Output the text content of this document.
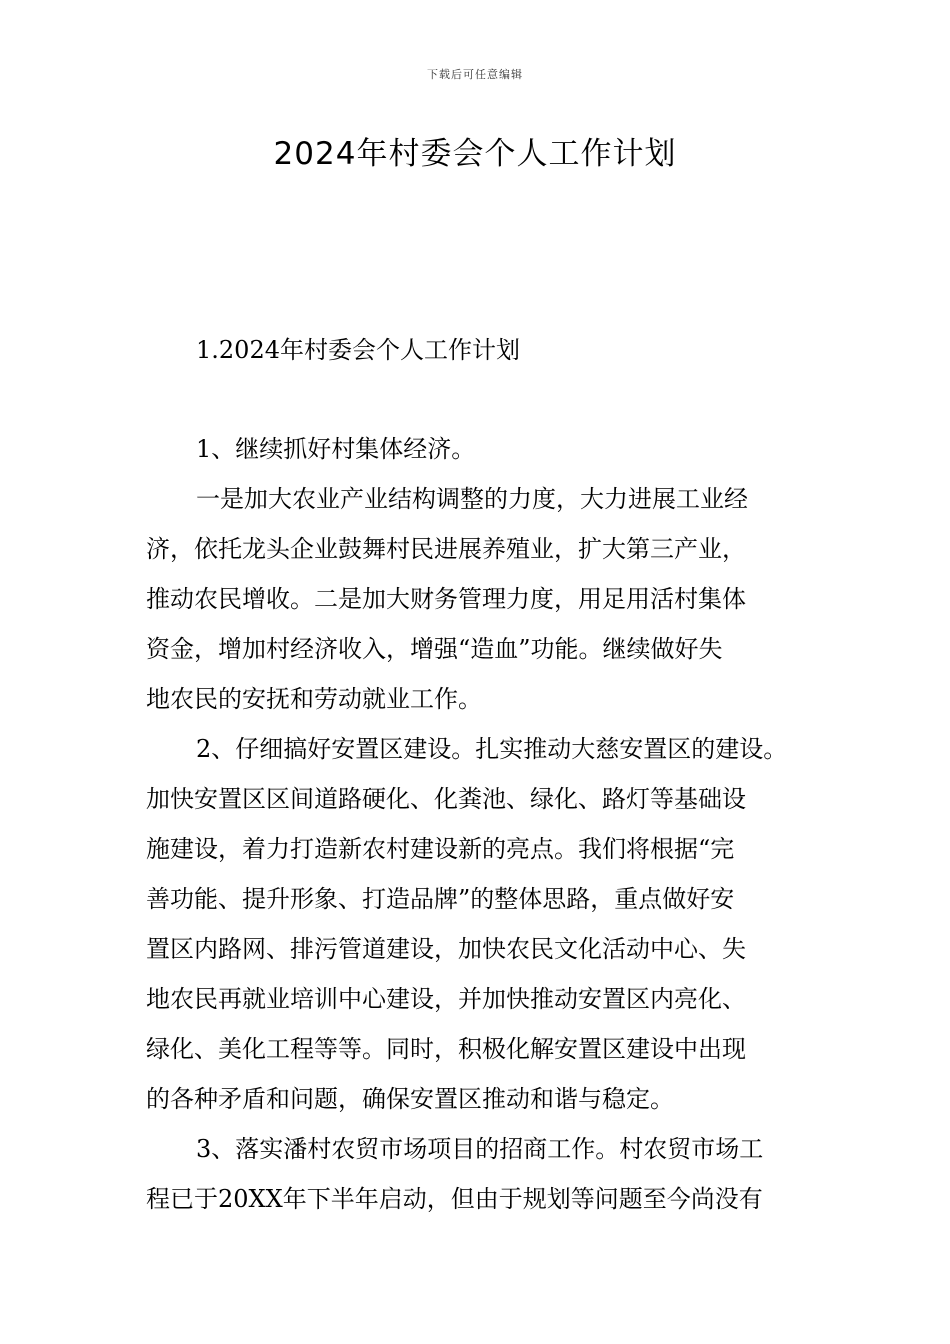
下载后可任意编辑
2024年村委会个人工作计划
1.2024年村委会个人工作计划
1、继续抓好村集体经济。
一是加大农业产业结构调整的力度，大力进展工业经
济，依托龙头企业鼓舞村民进展养殖业，扩大第三产业，
推动农民增收。二是加大财务管理力度，用足用活村集体
资金，增加村经济收入，增强“造血”功能。继续做好失
地农民的安抚和劳动就业工作。
2、仔细搞好安置区建设。扎实推动大慈安置区的建设。
加快安置区区间道路硬化、化粪池、绿化、路灯等基础设
施建设，着力打造新农村建设新的亮点。我们将根据“完
善功能、提升形象、打造品牌”的整体思路，重点做好安
置区内路网、排污管道建设，加快农民文化活动中心、失
地农民再就业培训中心建设，并加快推动安置区内亮化、
绿化、美化工程等等。同时，积极化解安置区建设中出现
的各种矛盾和问题，确保安置区推动和谐与稳定。
3、落实潘村农贸市场项目的招商工作。村农贸市场工
程已于20XX年下半年启动，但由于规划等问题至今尚没有
